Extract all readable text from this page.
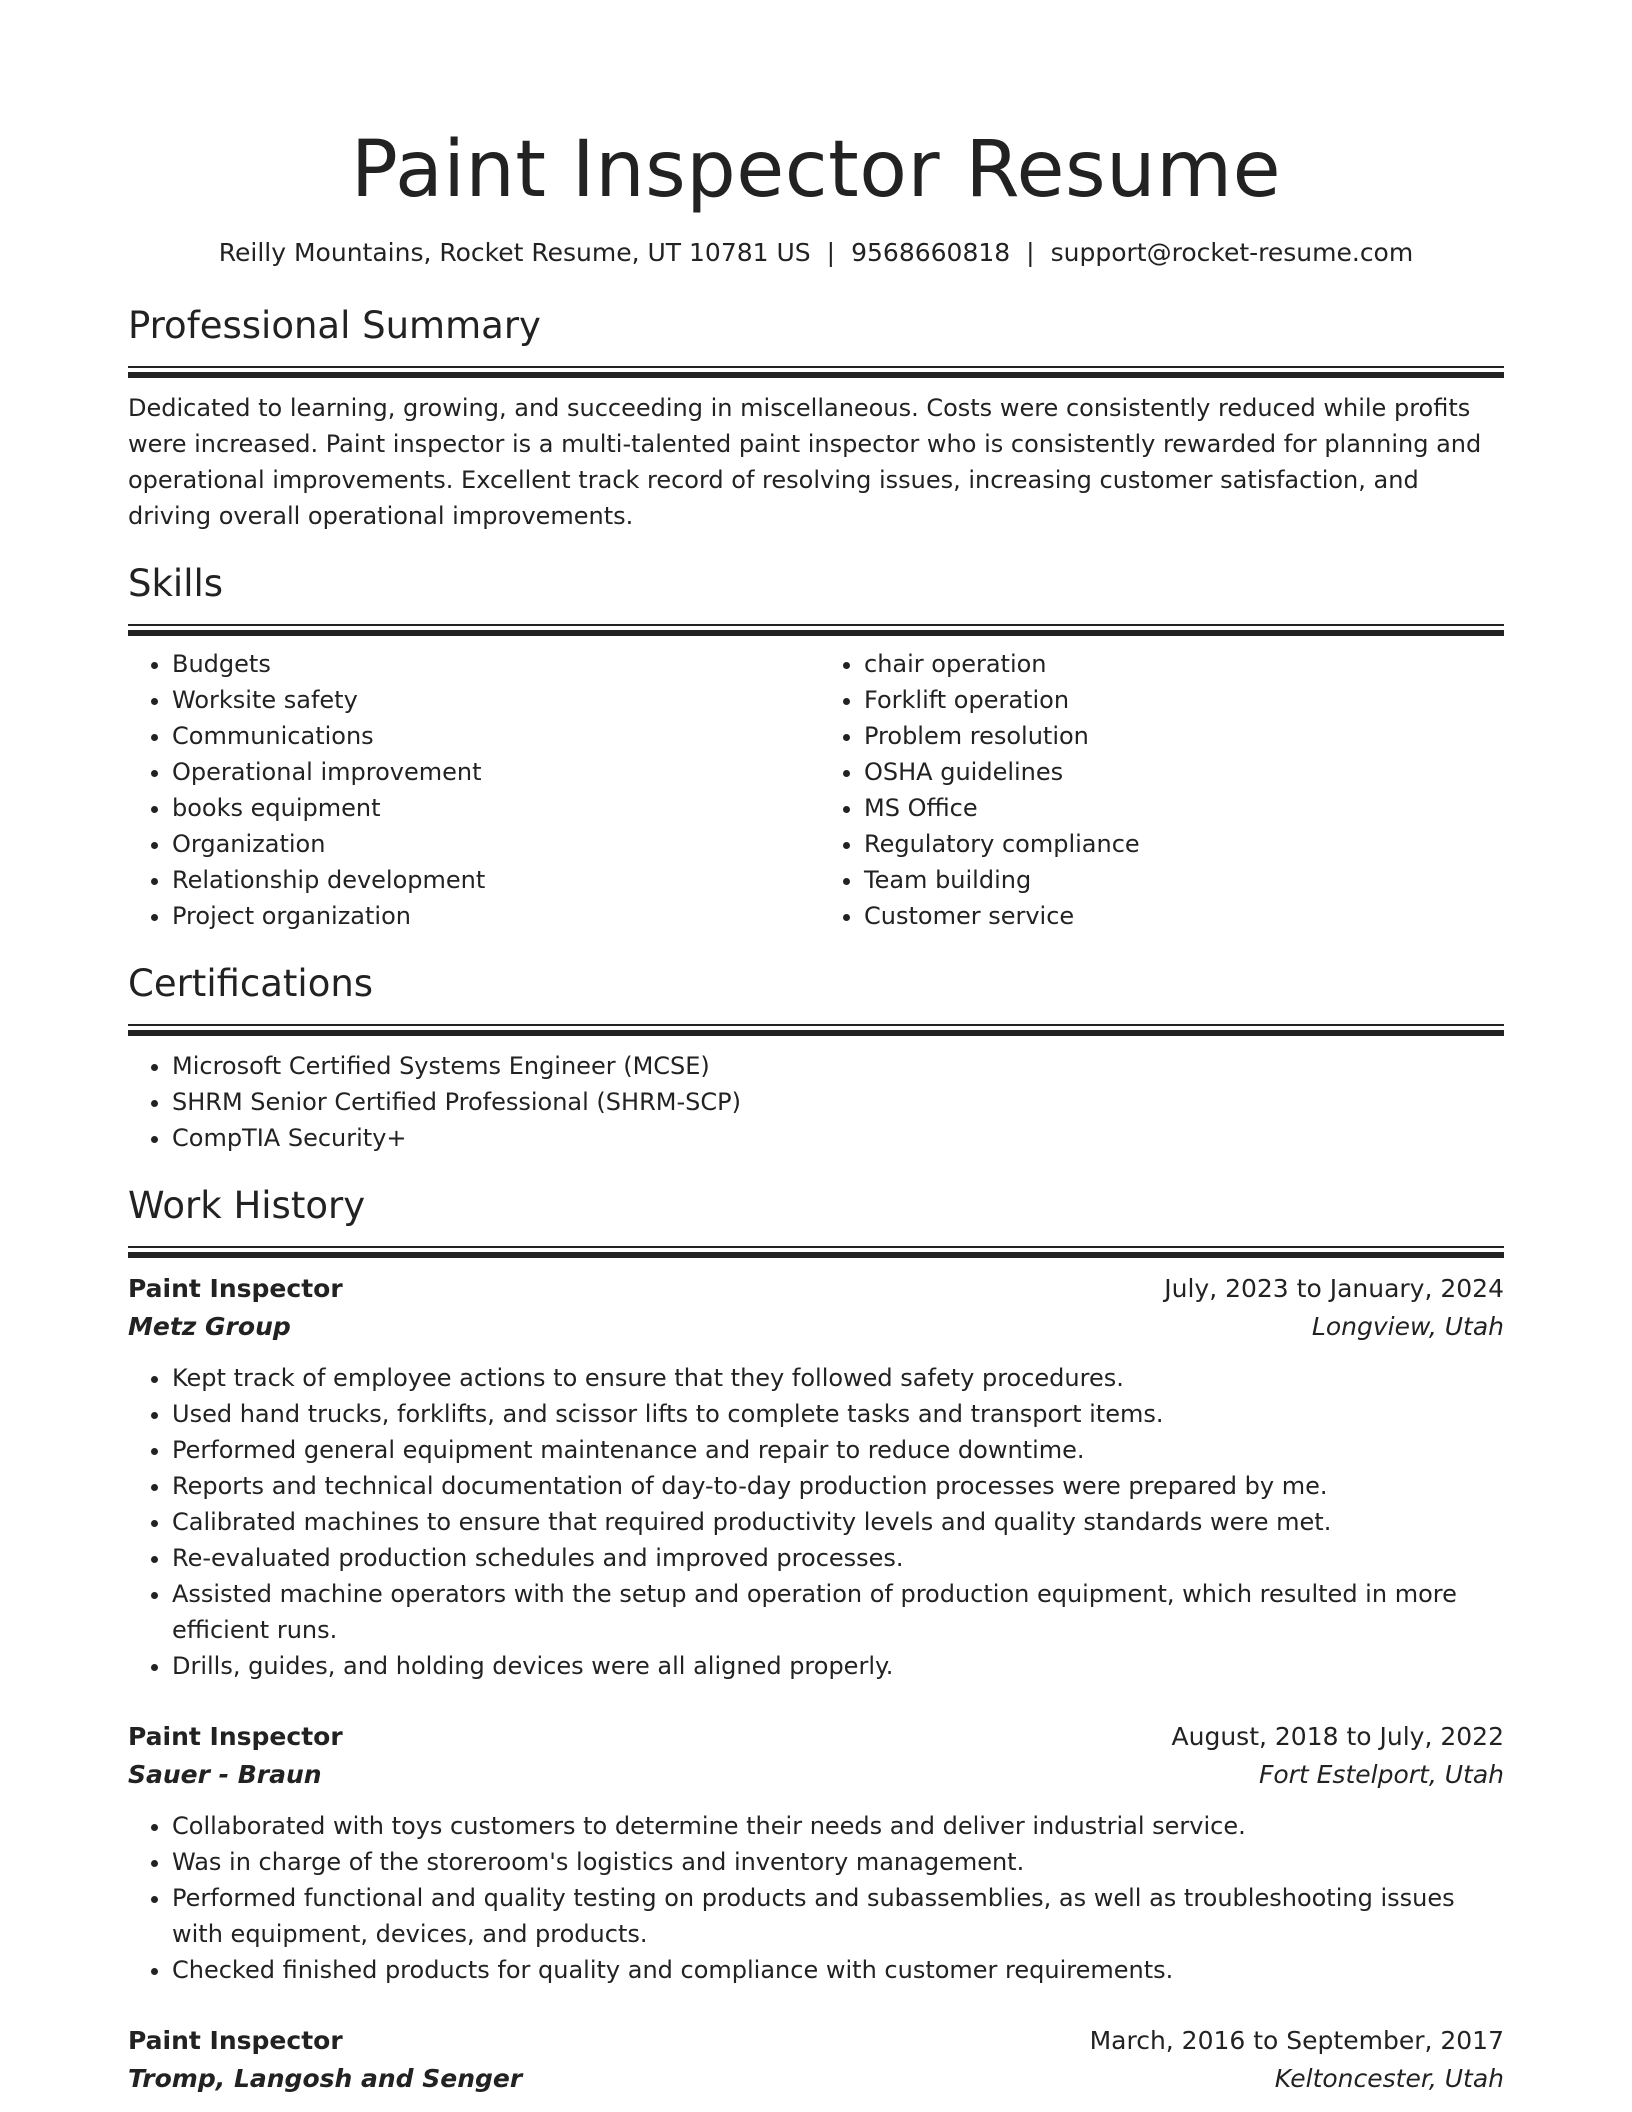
Paint Inspector Resume
Reilly Mountains, Rocket Resume, UT 10781 US | 9568660818 | support@rocket-resume.com
Professional Summary

Dedicated to learning, growing, and succeeding in miscellaneous. Costs were consistently reduced while profits were increased. Paint inspector is a multi-talented paint inspector who is consistently rewarded for planning and operational improvements. Excellent track record of resolving issues, increasing customer satisfaction, and driving overall operational improvements.

Skills
• Budgets
• Worksite safety
• Communications
• Operational improvement
• books equipment
• Organization
• Relationship development
• Project organization
• chair operation
• Forklift operation
• Problem resolution
• OSHA guidelines
• MS Office
• Regulatory compliance
• Team building
• Customer service
Certifications
• Microsoft Certified Systems Engineer (MCSE)
• SHRM Senior Certified Professional (SHRM-SCP)
• CompTIA Security+
Work History
Paint Inspector	July, 2023 to January, 2024
Metz Group	Longview, Utah
• Kept track of employee actions to ensure that they followed safety procedures.
• Used hand trucks, forklifts, and scissor lifts to complete tasks and transport items.
• Performed general equipment maintenance and repair to reduce downtime.
• Reports and technical documentation of day-to-day production processes were prepared by me.
• Calibrated machines to ensure that required productivity levels and quality standards were met.
• Re-evaluated production schedules and improved processes.
• Assisted machine operators with the setup and operation of production equipment, which resulted in more efficient runs.
• Drills, guides, and holding devices were all aligned properly.
Paint Inspector	August, 2018 to July, 2022
Sauer - Braun	Fort Estelport, Utah
• Collaborated with toys customers to determine their needs and deliver industrial service.
• Was in charge of the storeroom's logistics and inventory management.
• Performed functional and quality testing on products and subassemblies, as well as troubleshooting issues with equipment, devices, and products.
• Checked finished products for quality and compliance with customer requirements.
Paint Inspector	March, 2016 to September, 2017
Tromp, Langosh and Senger	Keltoncester, Utah
